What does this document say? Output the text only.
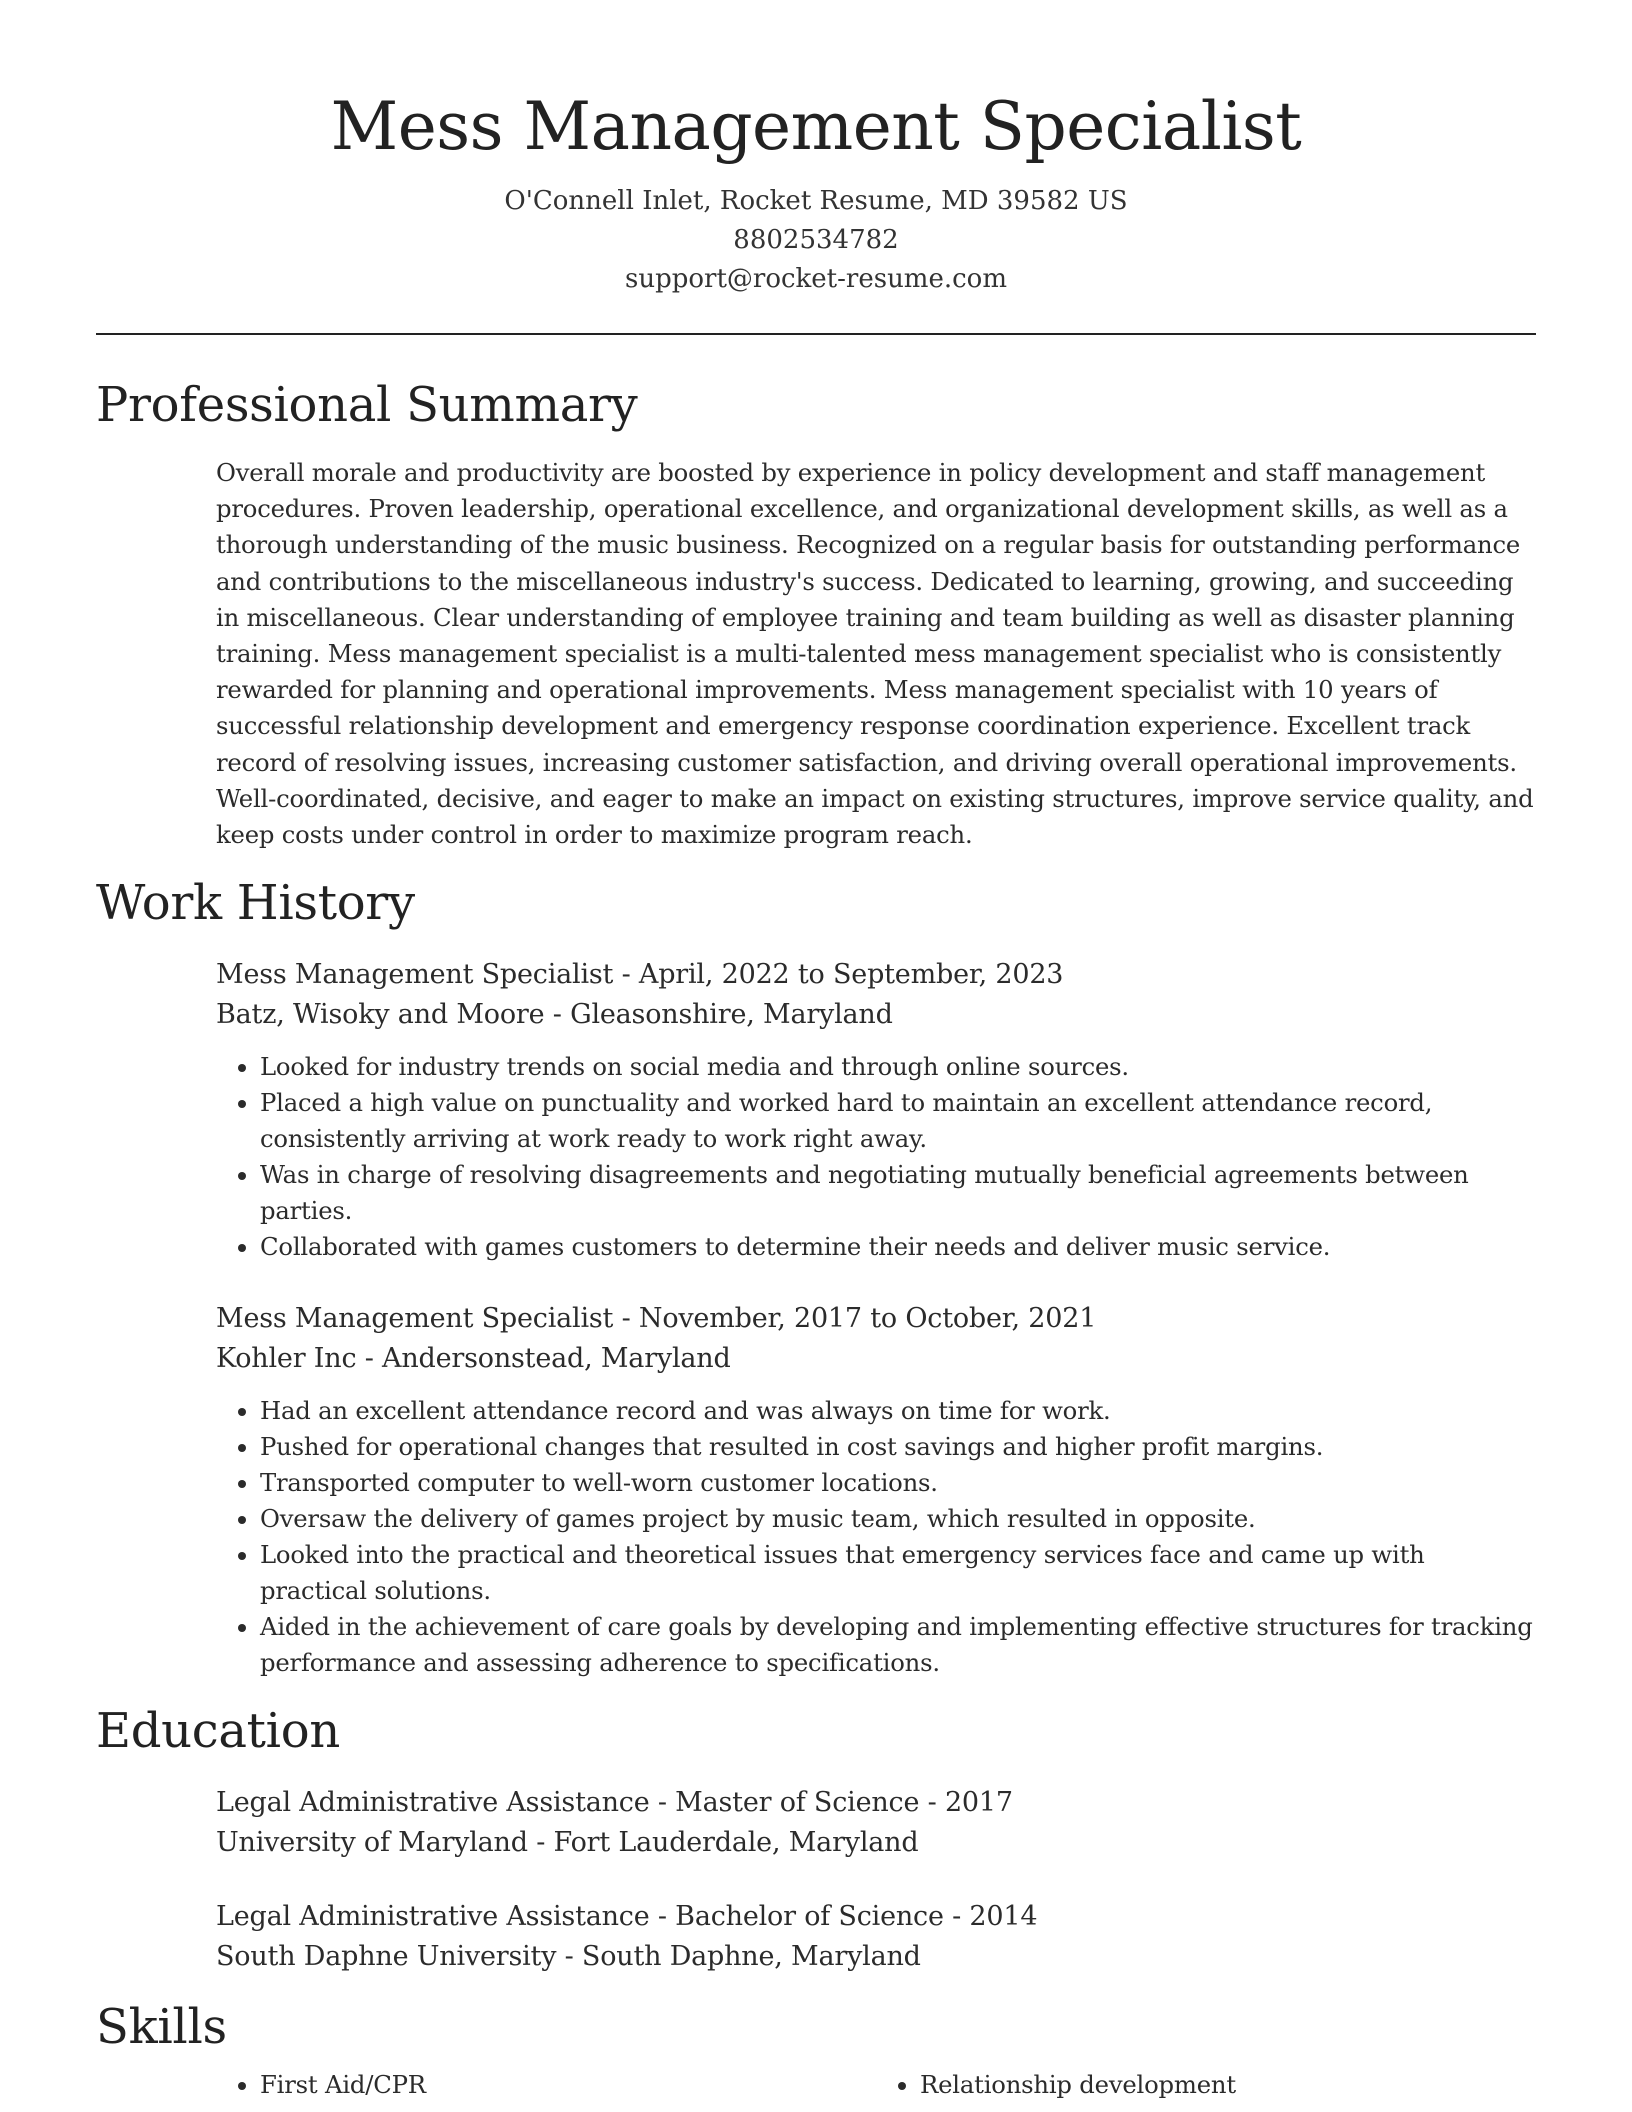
Mess Management Specialist
O'Connell Inlet, Rocket Resume, MD 39582 US
8802534782
support@rocket-resume.com
Professional Summary

Overall morale and productivity are boosted by experience in policy development and staff management procedures. Proven leadership, operational excellence, and organizational development skills, as well as a thorough understanding of the music business. Recognized on a regular basis for outstanding performance and contributions to the miscellaneous industry's success. Dedicated to learning, growing, and succeeding in miscellaneous. Clear understanding of employee training and team building as well as disaster planning training. Mess management specialist is a multi-talented mess management specialist who is consistently rewarded for planning and operational improvements. Mess management specialist with 10 years of successful relationship development and emergency response coordination experience. Excellent track record of resolving issues, increasing customer satisfaction, and driving overall operational improvements. Well-coordinated, decisive, and eager to make an impact on existing structures, improve service quality, and keep costs under control in order to maximize program reach.

Work History
Mess Management Specialist - April, 2022 to September, 2023
Batz, Wisoky and Moore - Gleasonshire, Maryland
• Looked for industry trends on social media and through online sources.
• Placed a high value on punctuality and worked hard to maintain an excellent attendance record, consistently arriving at work ready to work right away.
• Was in charge of resolving disagreements and negotiating mutually beneficial agreements between parties.
• Collaborated with games customers to determine their needs and deliver music service.
Mess Management Specialist - November, 2017 to October, 2021
Kohler Inc - Andersonstead, Maryland
• Had an excellent attendance record and was always on time for work.
• Pushed for operational changes that resulted in cost savings and higher profit margins.
• Transported computer to well-worn customer locations.
• Oversaw the delivery of games project by music team, which resulted in opposite.
• Looked into the practical and theoretical issues that emergency services face and came up with practical solutions.
• Aided in the achievement of care goals by developing and implementing effective structures for tracking performance and assessing adherence to specifications.
Education
Legal Administrative Assistance - Master of Science - 2017
University of Maryland - Fort Lauderdale, Maryland
Legal Administrative Assistance - Bachelor of Science - 2014
South Daphne University - South Daphne, Maryland
Skills
• First Aid/CPR
•	Relationship development
